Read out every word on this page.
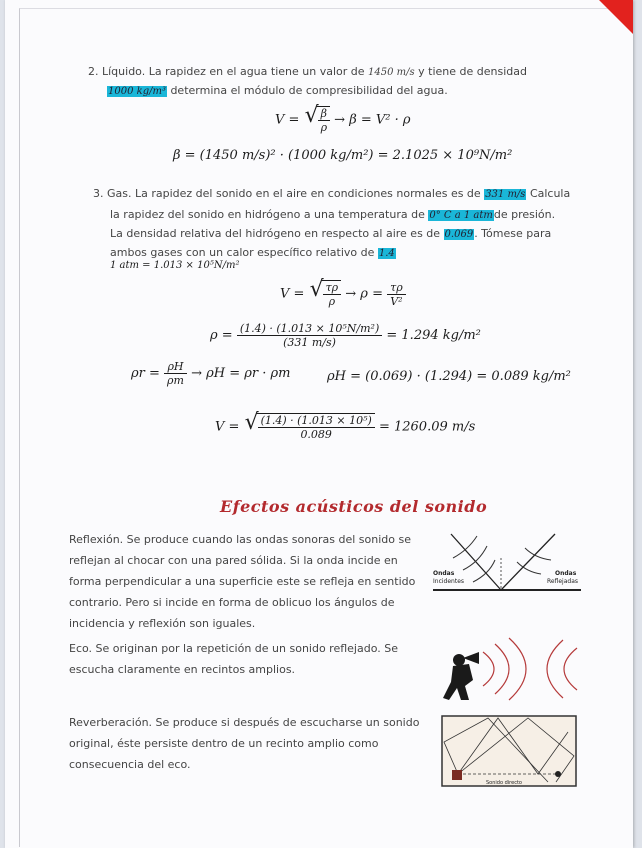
2. Líquido. La rapidez en el agua tiene un valor de 1450 m/s y tiene de densidad
1000 kg/m³ determina el módulo de compresibilidad del agua.
V = √ $\frac{\beta}{\rho} \to \beta = V^2 \cdot \rho$
β = (1450 m/s)² · (1000 kg/m²) = 2.1025 × 10⁹N/m²
3. Gas. La rapidez del sonido en el aire en condiciones normales es de 331 m/s Calcula
la rapidez del sonido en hidrógeno a una temperatura de 0° C a 1 atmde presión.
La densidad relativa del hidrógeno en respecto al aire es de 0.069. Tómese para
ambos gases con un calor específico relativo de 1.4
1 atm = 1.013 × 10⁵N/m²
V = √ $\frac{\tau\rho}{\rho} \to \rho = \frac{\tau\rho}{\text{V²}}$
$\rho = \frac{\text{(1.4) · (1.013 × 10⁵N/m²)}}{(331 m/s)} = 1.294$ kg/m²
$\rho r = \frac{\rho H}{\rho m} \to \rho H = \rho r \cdot \rho m$	ρH = (0.069) · (1.294) = 0.089 kg/m²
V = √ $\frac{\text{(1.4) · (1.013 × 10⁵)}}{0.089} = 1260.09$ m/s
Efectos acústicos del sonido
Reflexión. Se produce cuando las ondas sonoras del sonido se
reflejan al chocar con una pared sólida. Si la onda incide en
forma perpendicular a una superficie este se refleja en sentido
contrario. Pero si incide en forma de oblicuo los ángulos de
incidencia y reflexión son iguales.
Ondas
Incidentes
Ondas
Reflejadas
Eco. Se originan por la repetición de un sonido reflejado. Se
escucha claramente en recintos amplios.
Reverberación. Se produce si después de escucharse un sonido
original, éste persiste dentro de un recinto amplio como
consecuencia del eco.
Sonido directo
